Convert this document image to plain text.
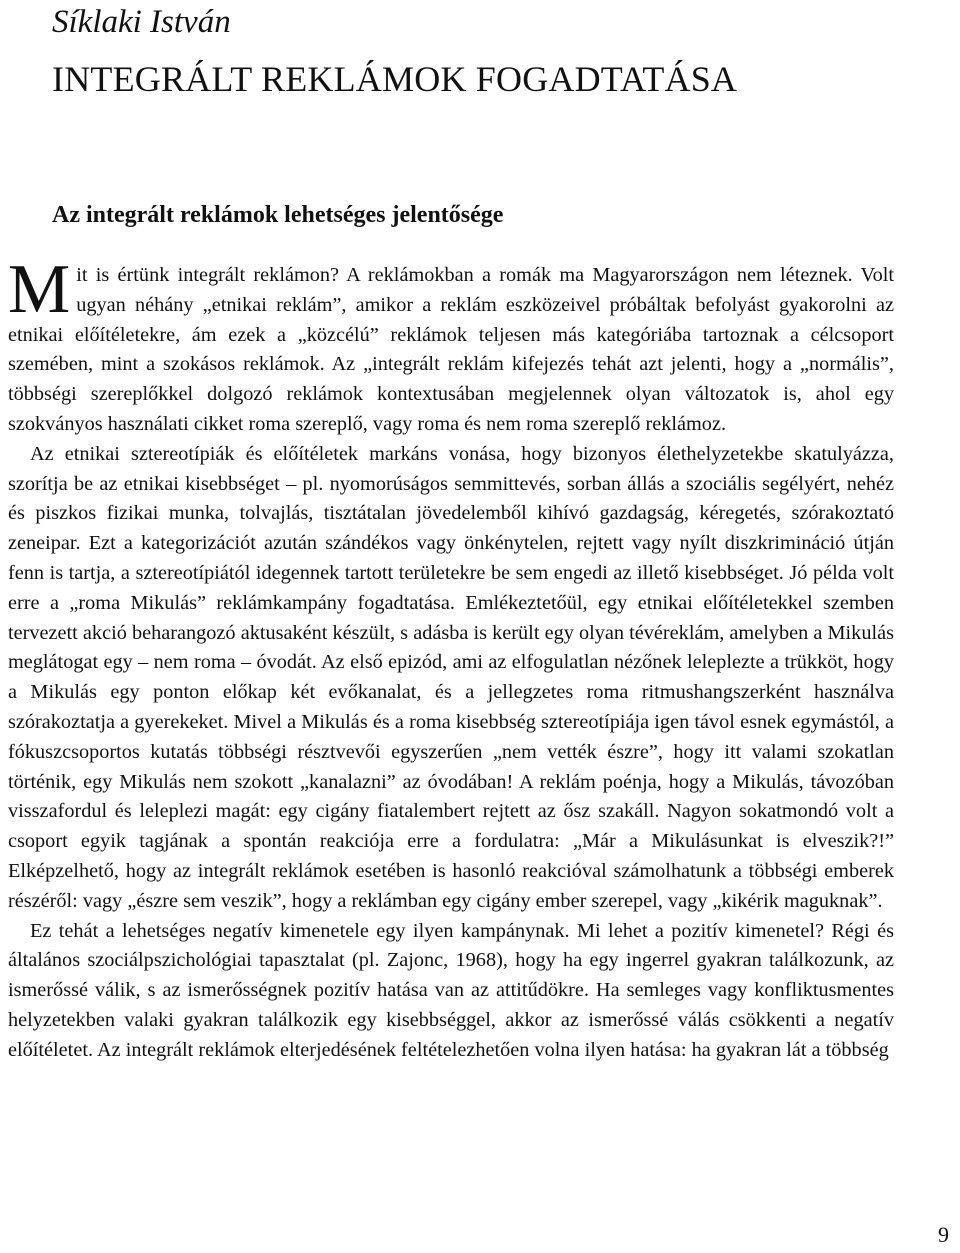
Síklaki István
INTEGRÁLT REKLÁMOK FOGADTATÁSA
Az integrált reklámok lehetséges jelentősége

Mit is értünk integrált reklámon? A reklámokban a romák ma Magyarországon nem léteznek. Volt ugyan néhány „etnikai reklám”, amikor a reklám eszközeivel próbáltak befolyást gyakorolni az etnikai előítéletekre, ám ezek a „közcélú” reklámok teljesen más kategóriába tartoznak a célcsoport szemében, mint a szokásos reklámok. Az „integrált reklám kifejezés tehát azt jelenti, hogy a „normális”, többségi szereplőkkel dolgozó reklámok kontextusában megjelennek olyan változatok is, ahol egy szokványos használati cikket roma szereplő, vagy roma és nem roma szereplő reklámoz.

Az etnikai sztereotípiák és előítéletek markáns vonása, hogy bizonyos élethelyzetekbe skatulyázza, szorítja be az etnikai kisebbséget – pl. nyomorúságos semmittevés, sorban állás a szociális segélyért, nehéz és piszkos fizikai munka, tolvajlás, tisztátalan jövedelemből kihívó gazdagság, kéregetés, szórakoztató zeneipar. Ezt a kategorizációt azután szándékos vagy önkénytelen, rejtett vagy nyílt diszkrimináció útján fenn is tartja, a sztereotípiától idegennek tartott területekre be sem engedi az illető kisebbséget. Jó példa volt erre a „roma Mikulás” reklámkampány fogadtatása. Emlékeztetőül, egy etnikai előítéletekkel szemben tervezett akció beharangozó aktusaként készült, s adásba is került egy olyan tévéreklám, amelyben a Mikulás meglátogat egy – nem roma – óvodát. Az első epizód, ami az elfogulatlan nézőnek leleplezte a trükköt, hogy a Mikulás egy ponton előkap két evőkanalat, és a jellegzetes roma ritmushangszerként használva szórakoztatja a gyerekeket. Mivel a Mikulás és a roma kisebbség sztereotípiája igen távol esnek egymástól, a fókuszcsoportos kutatás többségi résztvevői egyszerűen „nem vették észre”, hogy itt valami szokatlan történik, egy Mikulás nem szokott „kanalazni” az óvodában! A reklám poénja, hogy a Mikulás, távozóban visszafordul és leleplezi magát: egy cigány fiatalembert rejtett az ősz szakáll. Nagyon sokatmondó volt a csoport egyik tagjának a spontán reakciója erre a fordulatra: „Már a Mikulásunkat is elveszik?!” Elképzelhető, hogy az integrált reklámok esetében is hasonló reakcióval számolhatunk a többségi emberek részéről: vagy „észre sem veszik”, hogy a reklámban egy cigány ember szerepel, vagy „kikérik maguknak”.

Ez tehát a lehetséges negatív kimenetele egy ilyen kampánynak. Mi lehet a pozitív kimenetel? Régi és általános szociálpszichológiai tapasztalat (pl. Zajonc, 1968), hogy ha egy ingerrel gyakran találkozunk, az ismerőssé válik, s az ismerősségnek pozitív hatása van az attitűdökre. Ha semleges vagy konfliktusmentes helyzetekben valaki gyakran találkozik egy kisebbséggel, akkor az ismerőssé válás csökkenti a negatív előítéletet. Az integrált reklámok elterjedésének feltételezhetően volna ilyen hatása: ha gyakran lát a többség

9
